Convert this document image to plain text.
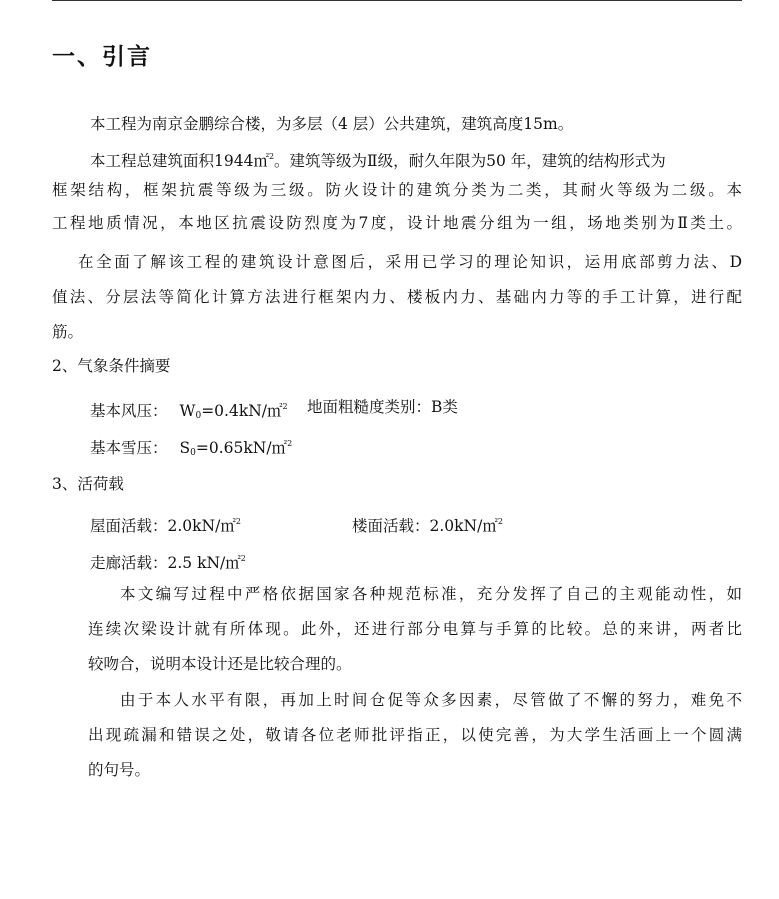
一、引言

本工程为南京金鹏综合楼，为多层（4 层）公共建筑，建筑高度15m。

本工程总建筑面积1944㎡$^2$。建筑等级为Ⅱ级，耐久年限为50 年，建筑的结构形式为

框架结构，框架抗震等级为三级。防火设计的建筑分类为二类，其耐火等级为二级。本

工程地质情况，本地区抗震设防烈度为7度，设计地震分组为一组，场地类别为Ⅱ类土。

在全面了解该工程的建筑设计意图后，采用已学习的理论知识，运用底部剪力法、D

值法、分层法等简化计算方法进行框架内力、楼板内力、基础内力等的手工计算，进行配

筋。

2、气象条件摘要

基本风压： $W_0=0.4kN/㎡^2$ 地面粗糙度类别：B类

基本雪压： $S_0=0.65kN/㎡^2$

3、活荷载

屋面活载：2.0kN/㎡$^2$	楼面活载：2.0kN/㎡$^2$

走廊活载：2.5 kN/㎡$^2$

本文编写过程中严格依据国家各种规范标准，充分发挥了自己的主观能动性，如

连续次梁设计就有所体现。此外，还进行部分电算与手算的比较。总的来讲，两者比

较吻合，说明本设计还是比较合理的。

由于本人水平有限，再加上时间仓促等众多因素，尽管做了不懈的努力，难免不

出现疏漏和错误之处，敬请各位老师批评指正，以使完善，为大学生活画上一个圆满

的句号。
